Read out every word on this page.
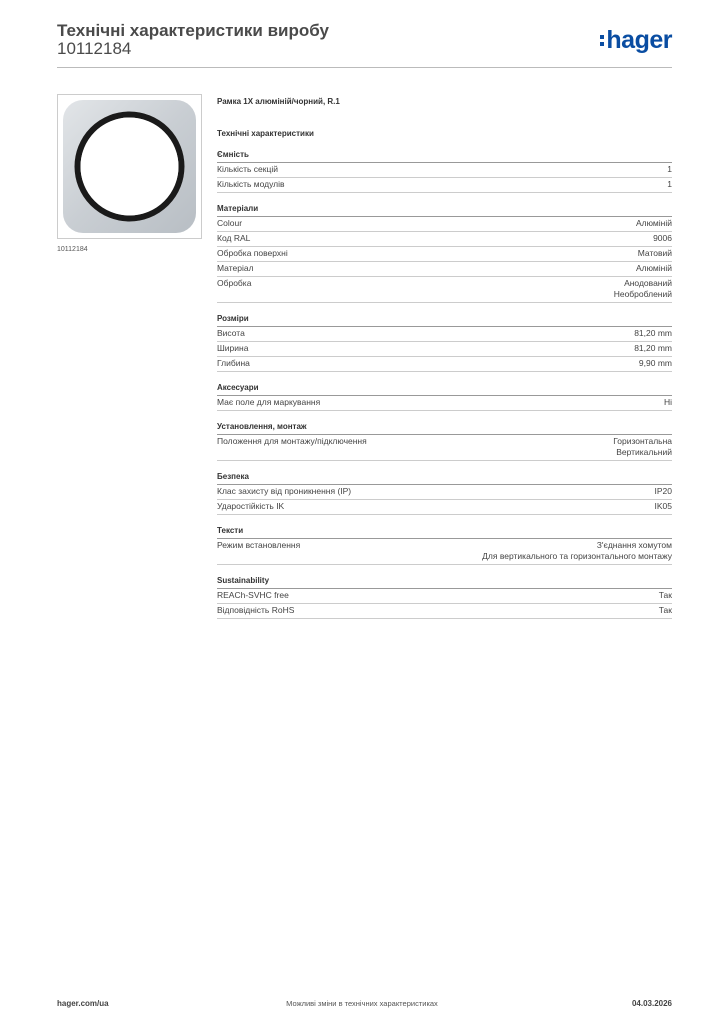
Технічні характеристики виробу
10112184	hager
10112184
Рамка 1X алюміній/чорний, R.1
Технічні характеристики
Ємність
Кількість секцій	1
Кількість модулів	1
Матеріали
Colour	Алюміній
Код RAL	9006
Обробка поверхні	Матовий
Матеріал	Алюміній
Обробка	Анодований
Необроблений
Розміри
Висота	81,20 mm
Ширина	81,20 mm
Глибина	9,90 mm
Аксесуари
Має поле для маркування	Ні
Установлення, монтаж
Положення для монтажу/підключення	Горизонтальна
Вертикальний
Безпека
Клас захисту від проникнення (IP)	IP20
Ударостійкість IK	IK05
Тексти
Режим встановлення	З'єднання хомутом
Для вертикального та горизонтального монтажу
Sustainability
REACh-SVHC free	Так
Відповідність RoHS	Так
hager.com/ua	Можливі зміни в технічних характеристиках	04.03.2026
